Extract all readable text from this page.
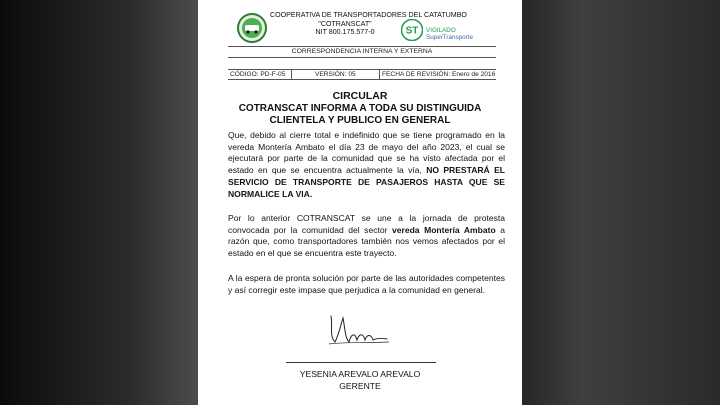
COOPERATIVA DE TRANSPORTADORES DEL CATATUMBO
"COTRANSCAT"
NIT 800.175.577-0	ST VIGILADO
SuperTransporte
CORRESPONDENCIA INTERNA Y EXTERNA
CÓDIGO: PD-F-05	VERSIÓN: 05	FECHA DE REVISIÓN: Enero de 2016
CIRCULAR
COTRANSCAT INFORMA A TODA SU DISTINGUIDA CLIENTELA Y PUBLICO EN GENERAL
Que, debido al cierre total e indefinido que se tiene programado en la vereda Montería Ambato el día 23 de mayo del año 2023, el cual se ejecutará por parte de la comunidad que se ha visto afectada por el estado en que se encuentra actualmente la vía, NO PRESTARÁ EL SERVICIO DE TRANSPORTE DE PASAJEROS HASTA QUE SE NORMALICE LA VIA.
Por lo anterior COTRANSCAT se une a la jornada de protesta convocada por la comunidad del sector vereda Montería Ambato a razón que, como transportadores también nos vemos afectados por el estado en el que se encuentra este trayecto.
A la espera de pronta solución por parte de las autoridades competentes y así corregir este impase que perjudica a la comunidad en general.
YESENIA AREVALO AREVALO
GERENTE
